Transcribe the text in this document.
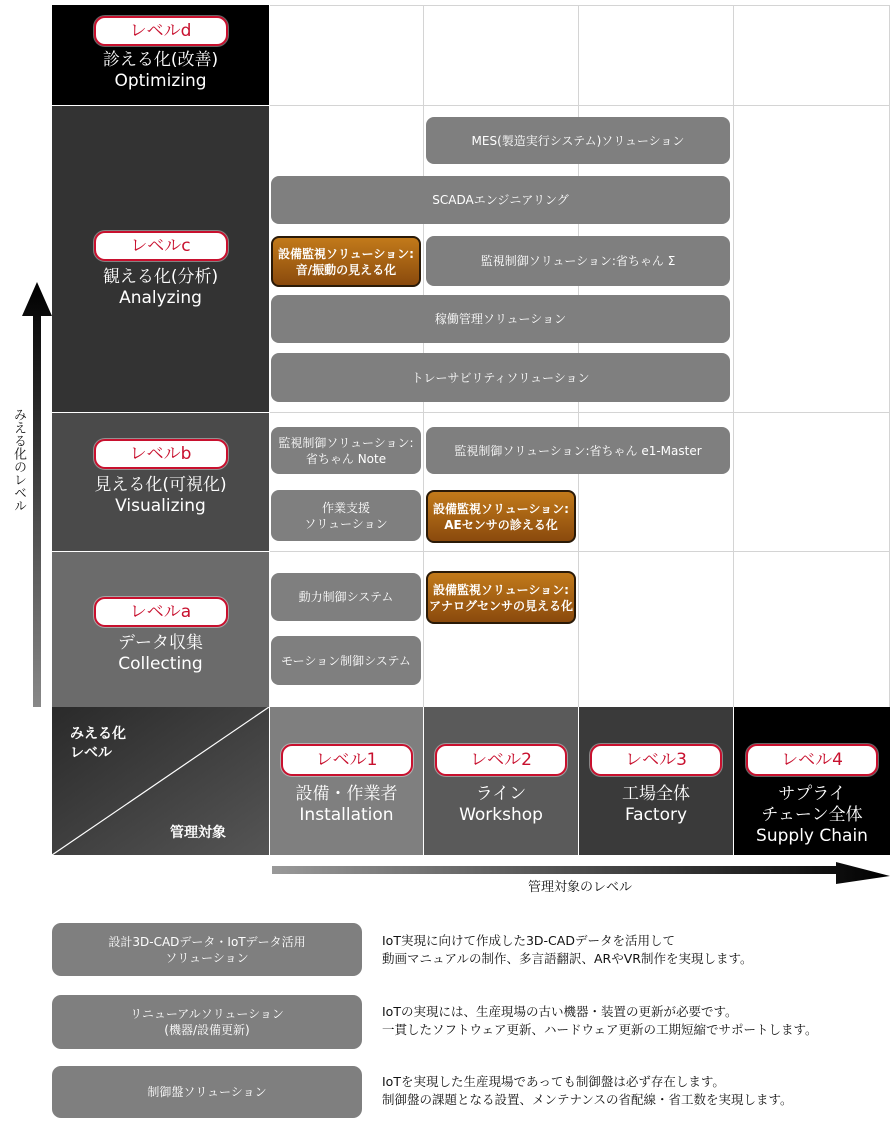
レベルd
診える化(改善)
Optimizing
レベルc
観える化(分析)
Analyzing
レベルb
見える化(可視化)
Visualizing
レベルa
データ収集
Collecting
MES(製造実行システム)ソリューション
SCADAエンジニアリング
設備監視ソリューション:
音/振動の見える化
監視制御ソリューション:省ちゃん Σ
稼働管理ソリューション
トレーサビリティソリューション
監視制御ソリューション:
省ちゃん Note
監視制御ソリューション:省ちゃん e1-Master
作業支援
ソリューション
設備監視ソリューション:
AEセンサの診える化
動力制御システム
設備監視ソリューション:
アナログセンサの見える化
モーション制御システム
みえる化
レベル
管理対象
レベル1
設備・作業者
Installation
レベル2
ライン
Workshop
レベル3
工場全体
Factory
レベル4
サプライ
チェーン全体
Supply Chain
みえる化のレベル
管理対象のレベル
設計3D-CADデータ・IoTデータ活用
ソリューション
IoT実現に向けて作成した3D-CADデータを活用して
動画マニュアルの制作、多言語翻訳、ARやVR制作を実現します。
リニューアルソリューション
(機器/設備更新)
IoTの実現には、生産現場の古い機器・装置の更新が必要です。
一貫したソフトウェア更新、ハードウェア更新の工期短縮でサポートします。
制御盤ソリューション
IoTを実現した生産現場であっても制御盤は必ず存在します。
制御盤の課題となる設置、メンテナンスの省配線・省工数を実現します。
